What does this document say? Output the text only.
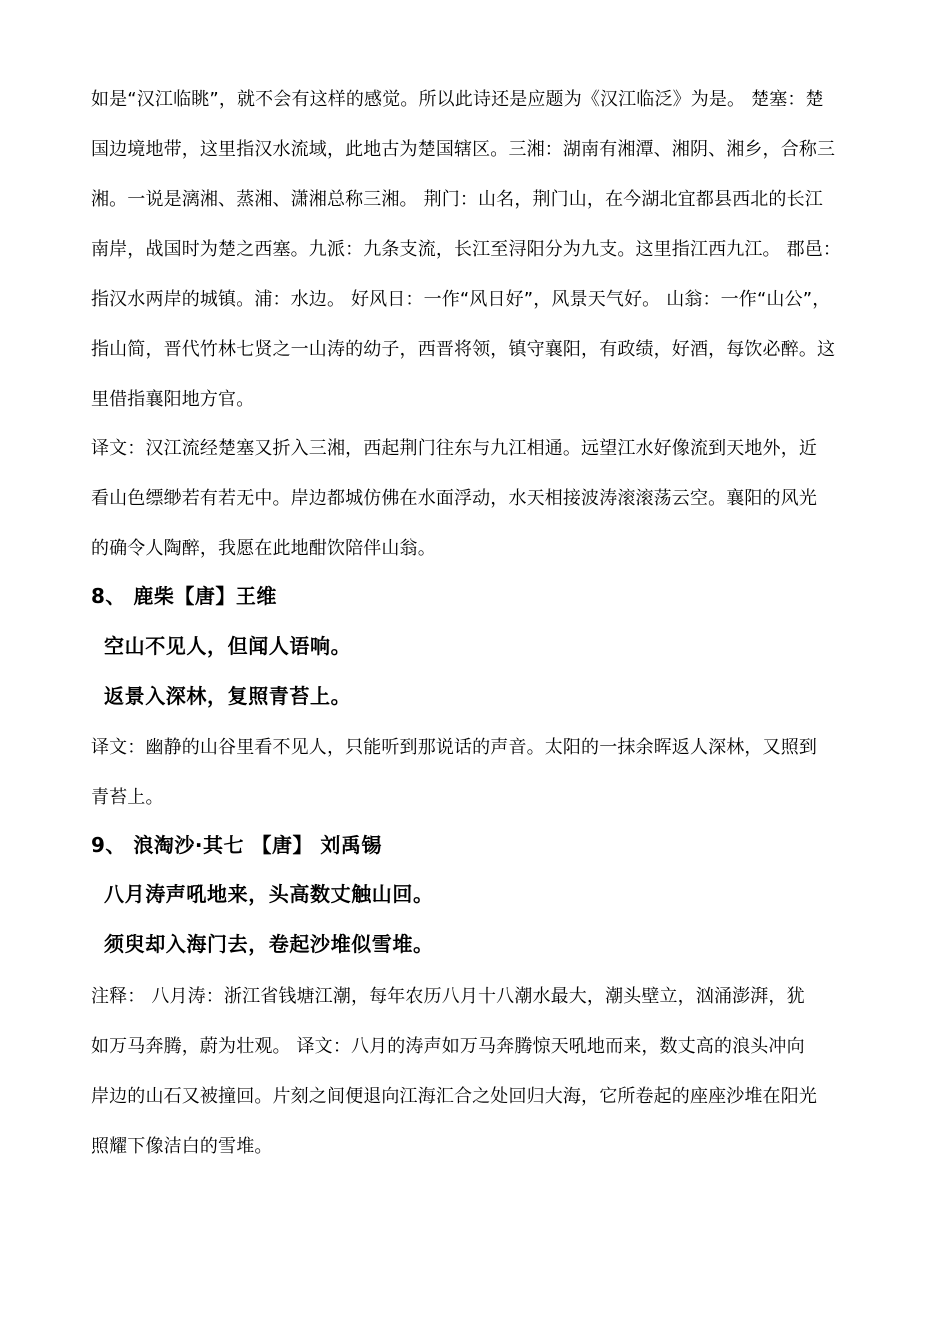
如是“汉江临眺”，就不会有这样的感觉。所以此诗还是应题为《汉江临泛》为是。 楚塞：楚
国边境地带，这里指汉水流域，此地古为楚国辖区。三湘：湖南有湘潭、湘阴、湘乡，合称三
湘。一说是漓湘、蒸湘、潇湘总称三湘。 荆门：山名，荆门山，在今湖北宜都县西北的长江
南岸，战国时为楚之西塞。九派：九条支流，长江至浔阳分为九支。这里指江西九江。 郡邑：
指汉水两岸的城镇。浦：水边。 好风日：一作“风日好”，风景天气好。 山翁：一作“山公”，
指山简，晋代竹林七贤之一山涛的幼子，西晋将领，镇守襄阳，有政绩，好酒，每饮必醉。这
里借指襄阳地方官。
译文：汉江流经楚塞又折入三湘，西起荆门往东与九江相通。远望江水好像流到天地外，近
看山色缥缈若有若无中。岸边都城仿佛在水面浮动，水天相接波涛滚滚荡云空。襄阳的风光
的确令人陶醉，我愿在此地酣饮陪伴山翁。
8、 鹿柴【唐】王维
空山不见人，但闻人语响。
返景入深林，复照青苔上。
译文：幽静的山谷里看不见人，只能听到那说话的声音。太阳的一抹余晖返人深林，又照到
青苔上。
9、 浪淘沙·其七 【唐】 刘禹锡
八月涛声吼地来，头高数丈触山回。
须臾却入海门去，卷起沙堆似雪堆。
注释： 八月涛：浙江省钱塘江潮，每年农历八月十八潮水最大，潮头壁立，汹涌澎湃，犹
如万马奔腾，蔚为壮观。 译文：八月的涛声如万马奔腾惊天吼地而来，数丈高的浪头冲向
岸边的山石又被撞回。片刻之间便退向江海汇合之处回归大海，它所卷起的座座沙堆在阳光
照耀下像洁白的雪堆。
